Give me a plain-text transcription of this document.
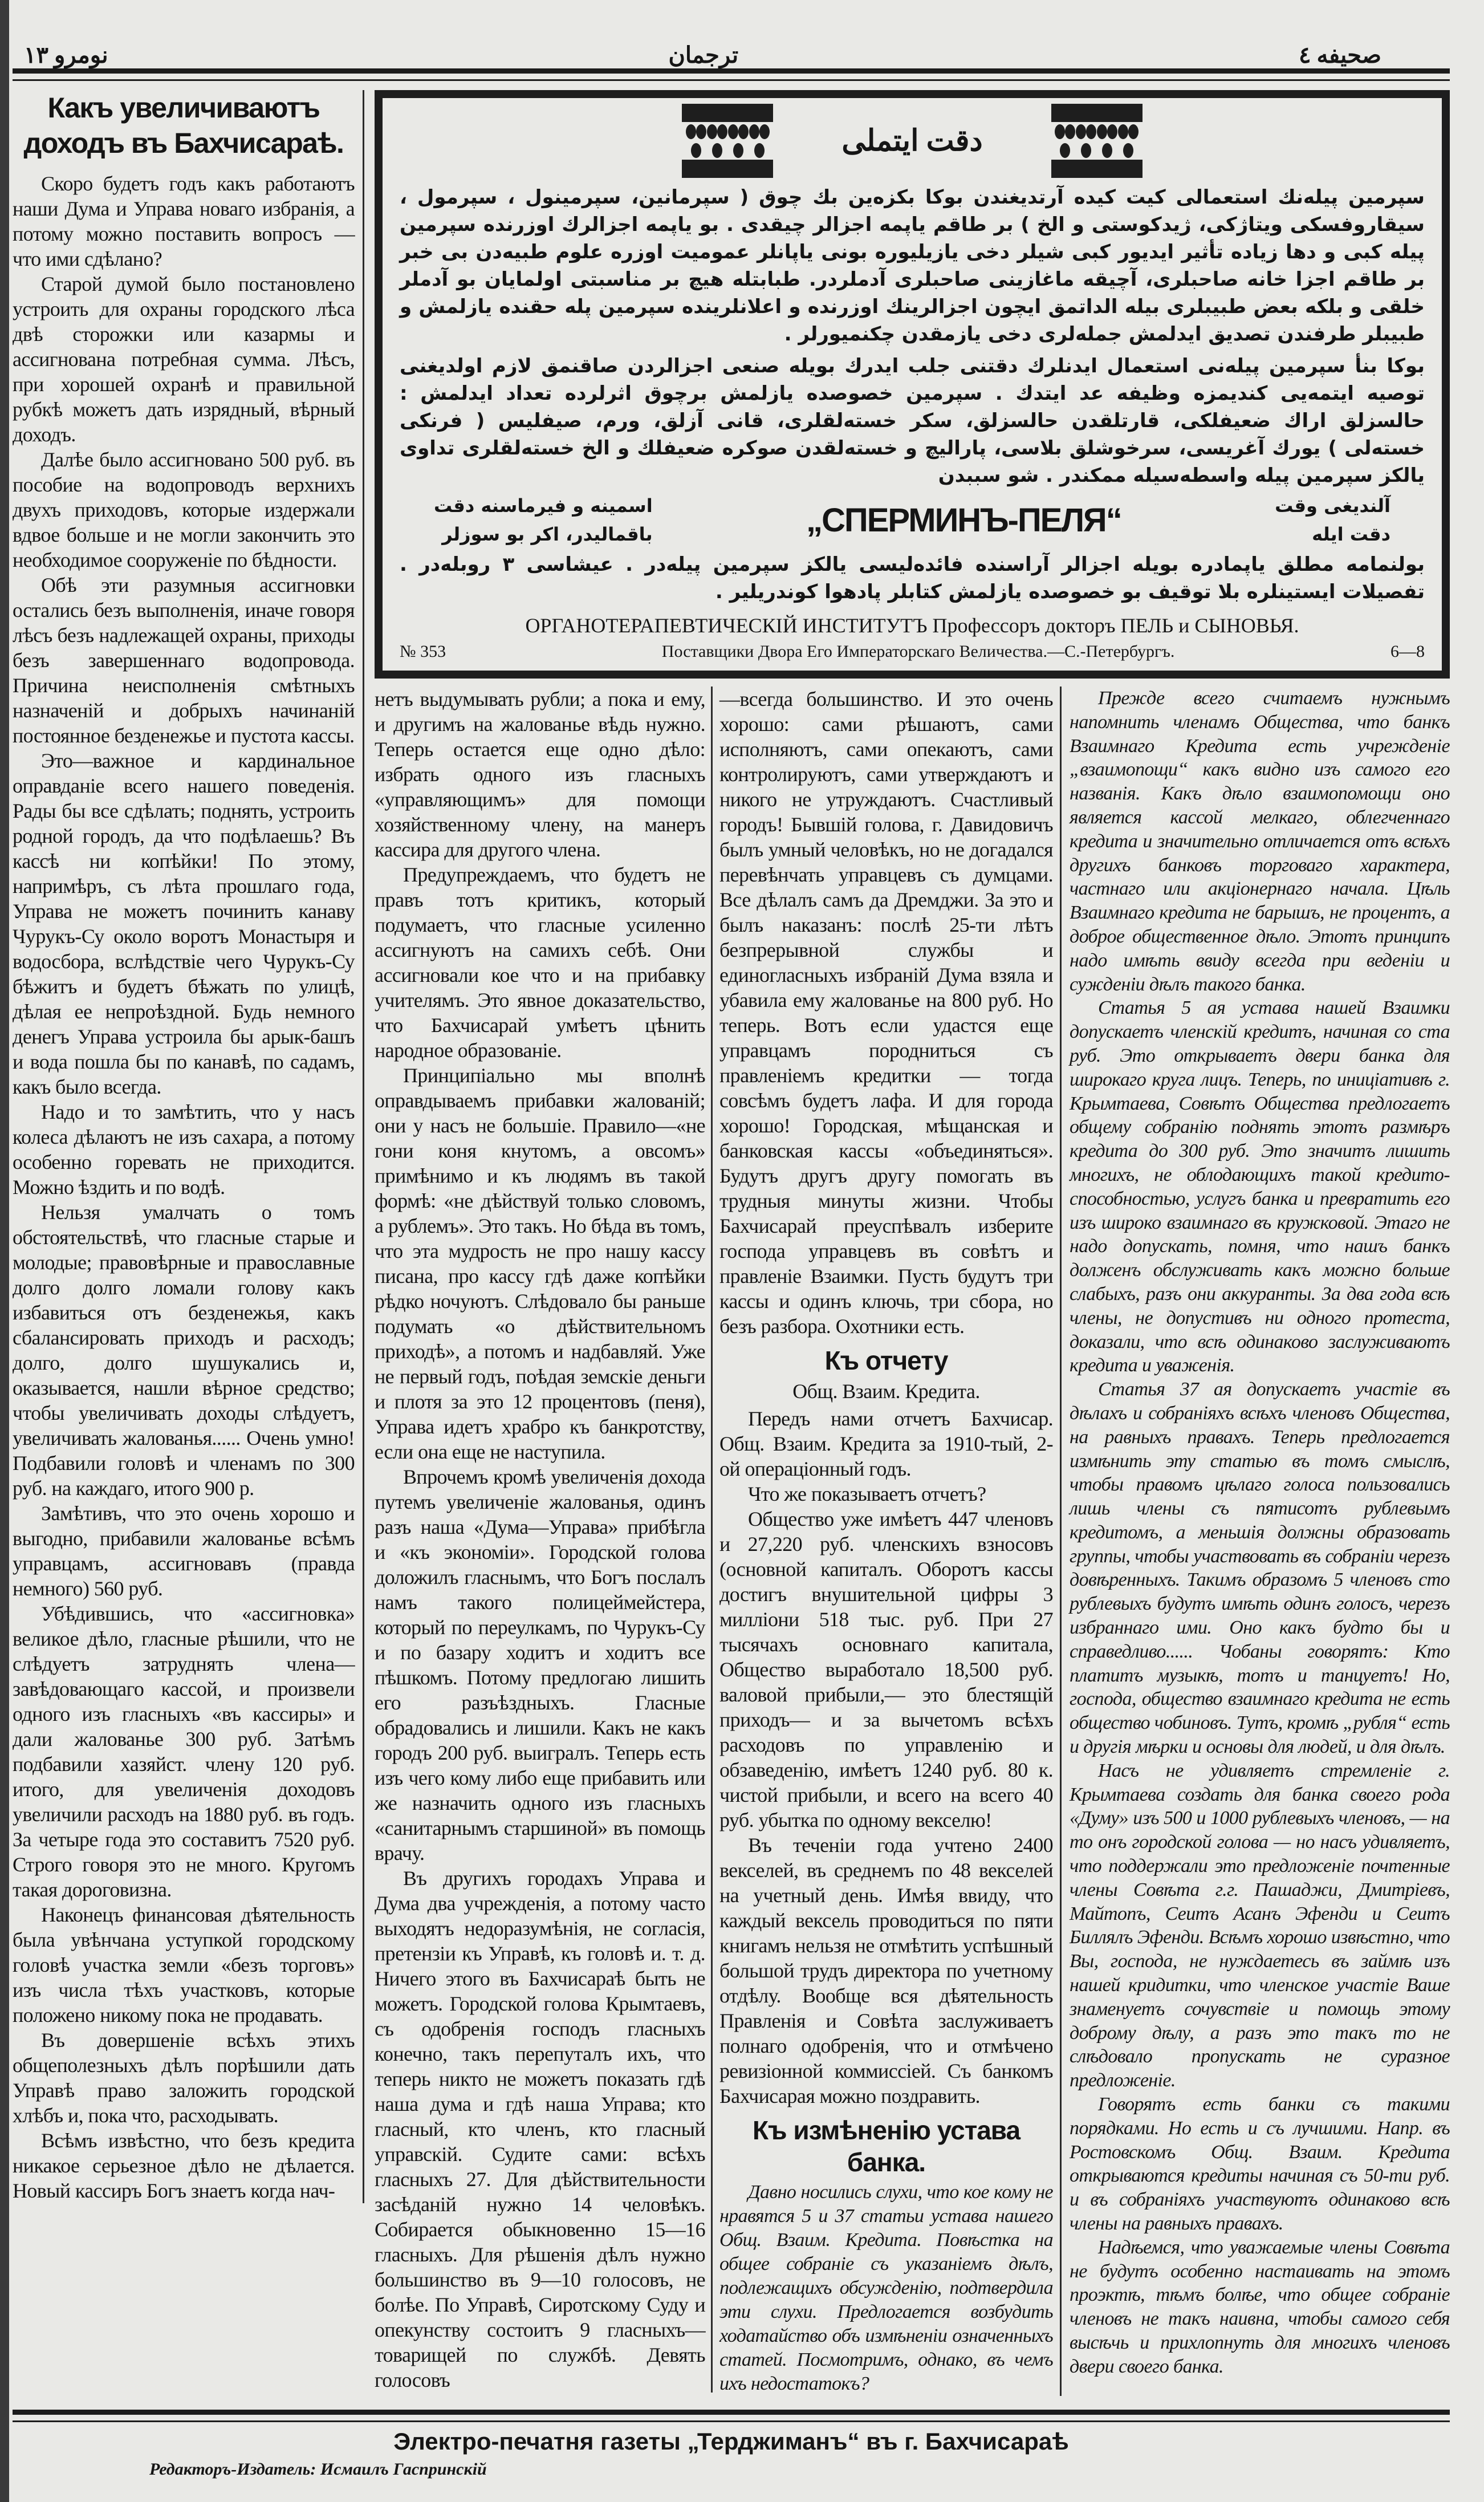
نومرو ١٣	ترجمان	صحیفه ٤
Какъ увеличиваютъ доходъ въ Бахчисараѣ.

Скоро будетъ годъ какъ работаютъ наши Дума и Управа новаго избранія, а потому можно поставить вопросъ — что ими сдѣлано?

Старой думой было постановлено устроить для охраны городского лѣса двѣ сторожки или казармы и ассигнована потребная сумма. Лѣсъ, при хорошей охранѣ и правильной рубкѣ можетъ дать изрядный, вѣрный доходъ.

Далѣе было ассигновано 500 руб. въ пособие на водопроводъ верхнихъ двухъ приходовъ, которые издержали вдвое больше и не могли закончить это необходимое сооруженіе по бѣдности.

Обѣ эти разумныя ассигновки остались безъ выполненія, иначе говоря лѣсъ безъ надлежащей охраны, приходы безъ завершеннаго водопровода. Причина неисполненія смѣтныхъ назначеній и добрыхъ начинаній постоянное безденежье и пустота кассы.

Это—важное и кардинальное оправданіе всего нашего поведенія. Рады бы все сдѣлать; поднять, устроить родной городъ, да что подѣлаешь? Въ кассѣ ни копѣйки! По этому, напримѣръ, съ лѣта прошлаго года, Управа не можетъ починить канаву Чурукъ-Су около воротъ Монастыря и водосбора, вслѣдствіе чего Чурукъ-Су бѣжитъ и будетъ бѣжать по улицѣ, дѣлая ее непроѣздной. Будь немного денегъ Управа устроила бы арык-башъ и вода пошла бы по канавѣ, по садамъ, какъ было всегда.

Надо и то замѣтить, что у насъ колеса дѣлаютъ не изъ сахара, а потому особенно горевать не приходится. Можно ѣздить и по водѣ.

Нельзя умалчать о томъ обстоятельствѣ, что гласные старые и молодые; правовѣрные и православные долго долго ломали голову какъ избавиться отъ безденежья, какъ сбалансировать приходъ и расходъ; долго, долго шушукались и, оказывается, нашли вѣрное средство; чтобы увеличивать доходы слѣдуетъ, увеличивать жалованья...... Очень умно! Подбавили головѣ и членамъ по 300 руб. на каждаго, итого 900 р.

Замѣтивъ, что это очень хорошо и выгодно, прибавили жалованье всѣмъ управцамъ, ассигновавъ (правда немного) 560 руб.

Убѣдившись, что «ассигновка» великое дѣло, гласные рѣшили, что не слѣдуетъ затруднять члена—завѣдовающаго кассой, и произвели одного изъ гласныхъ «въ кассиры» и дали жалованье 300 руб. Затѣмъ подбавили хазяйст. члену 120 руб. итого, для увеличенія доходовъ увеличили расходъ на 1880 руб. въ годъ. За четыре года это составитъ 7520 руб. Строго говоря это не много. Кругомъ такая дороговизна.

Наконецъ финансовая дѣятельность была увѣнчана уступкой городскому головѣ участка земли «безъ торговъ» изъ числа тѣхъ участковъ, которые положено никому пока не продавать.

Въ довершеніе всѣхъ этихъ общеполезныхъ дѣлъ порѣшили дать Управѣ право заложить городской хлѣбъ и, пока что, расходывать.

Всѣмъ извѣстно, что безъ кредита никакое серьезное дѣло не дѣлается. Новый кассиръ Богъ знаетъ когда нач-

دقت ایتملی
سپرمین پیله‌نك استعمالی کیت کیده آرتدیغندن بوکا بکزه‌ین بك چوق ( سپرمانین، سپرمینول ، سپرمول ، سیقاروفسکی ویتاژکی، ژیدکوستی و الخ ) بر طاقم یاپمه اجزالر چیقدی . بو یاپمه اجزالرك اوزرنده سپرمین پیله کبی و دها زیاده تأثیر ایدیور کبی شیلر دخی یازیلیوره بونی یاپانلر عمومیت اوزره علوم طبیه‌دن بی خبر بر طاقم اجزا خانه صاحبلری، آچیقه ماغازینی صاحبلری آدملردر. طبابتله هیچ بر مناسبتی اولمایان بو آدملر خلقی و بلکه بعض طبیبلری بیله الداتمق ایچون اجزالرینك اوزرنده و اعلانلرینده سپرمین پله حقنده یازلمش و طبیبلر طرفندن تصدیق ایدلمش جمله‌لری دخی یازمقدن چکنمیورلر .
بوکا بنأ سپرمین پیله‌نی استعمال ایدنلرك دقتنی جلب ایدرك بویله صنعی اجزالردن صاقنمق لازم اولدیغنی توصیه ایتمه‌یی کندیمزه وظیفه عد ایتدك . سپرمین خصوصده یازلمش برچوق اثرلرده تعداد ایدلمش : حالسزلق اراك ضعیفلکی، قارتلقدن حالسزلق، سکر خسته‌لقلری، قانی آزلق، ورم، صیفلیس ( فرنکی خسته‌لی ) یورك آغریسی، سرخوشلق بلاسی، پارالیچ و خسته‌لقدن صوکره ضعیفلك و الخ خسته‌لقلری تداوی یالکز سپرمین پیله واسطه‌سیله ممکندر . شو سببدن
اسمینه و فیرماسنه دقت
باقمالیدر، اکر بو سوزلر	„СПЕРМИНЪ-ПЕЛЯ“	آلندیغی وقت
دقت ایله
بولنمامه مطلق یاپمادره بویله اجزالر آراسنده فائده‌لیسی یالکز سپرمین پیله‌در . عیشاسی ۳ روبله‌در . تفصیلات ایستینلره بلا توقیف بو خصوصده یازلمش کتابلر پادهوا کوندریلیر .
ОРГАНОТЕРАПЕВТИЧЕСКІЙ ИНСТИТУТЪ Профессоръ докторъ ПЕЛЬ и СЫНОВЬЯ.
№ 353	Поставщики Двора Его Императорскаго Величества.—С.-Петербургъ.	6—8

нетъ выдумывать рубли; а пока и ему, и другимъ на жалованье вѣдь нужно. Теперь остается еще одно дѣло: избрать одного изъ гласныхъ «управляющимъ» для помощи хозяйственному члену, на манеръ кассира для другого члена.

Предупреждаемъ, что будетъ не правъ тотъ критикъ, который подумаетъ, что гласные усиленно ассигнуютъ на самихъ себѣ. Они ассигновали кое что и на прибавку учителямъ. Это явное доказательство, что Бахчисарай умѣетъ цѣнить народное образованіе.

Принципіально мы вполнѣ оправдываемъ прибавки жалованій; они у насъ не большіе. Правило—«не гони коня кнутомъ, а овсомъ» примѣнимо и къ людямъ въ такой формѣ: «не дѣйствуй только словомъ, а рублемъ». Это такъ. Но бѣда въ томъ, что эта мудрость не про нашу кассу писана, про кассу гдѣ даже копѣйки рѣдко ночуютъ. Слѣдовало бы раньше подумать «о дѣйствительномъ приходѣ», а потомъ и надбавляй. Уже не первый годъ, поѣдая земскіе деньги и плотя за это 12 процентовъ (пеня), Управа идетъ храбро къ банкротству, если она еще не наступила.

Впрочемъ кромѣ увеличенія дохода путемъ увеличеніе жалованья, одинъ разъ наша «Дума—Управа» прибѣгла и «къ экономіи». Городской голова доложилъ гласнымъ, что Богъ послалъ намъ такого полицеймейстера, который по переулкамъ, по Чурукъ-Су и по базару ходитъ и ходитъ все пѣшкомъ. Потому предлогаю лишить его разъѣздныхъ. Гласные обрадовались и лишили. Какъ не какъ городъ 200 руб. выигралъ. Теперь есть изъ чего кому либо еще прибавить или же назначить одного изъ гласныхъ «санитарнымъ старшиной» въ помощь врачу.

Въ другихъ городахъ Управа и Дума два учрежденія, а потому часто выходятъ недоразумѣнія, не согласія, претензіи къ Управѣ, къ головѣ и. т. д. Ничего этого въ Бахчисараѣ быть не можетъ. Городской голова Крымтаевъ, съ одобренія господъ гласныхъ конечно, такъ перепуталъ ихъ, что теперь никто не можетъ показать гдѣ наша дума и гдѣ наша Управа; кто гласный, кто членъ, кто гласный управскій. Судите сами: всѣхъ гласныхъ 27. Для дѣйствительности засѣданій нужно 14 человѣкъ. Собирается обыкновенно 15—16 гласныхъ. Для рѣшенія дѣлъ нужно большинство въ 9—10 голосовъ, не болѣе. По Управѣ, Сиротскому Суду и опекунству состоитъ 9 гласныхъ—товарищей по службѣ. Девять голосовъ

—всегда большинство. И это очень хорошо: сами рѣшаютъ, сами исполняютъ, сами опекаютъ, сами контролируютъ, сами утверждаютъ и никого не утруждаютъ. Счастливый городъ! Бывшій голова, г. Давидовичъ былъ умный человѣкъ, но не догадался перевѣнчать управцевъ съ думцами. Все дѣлалъ самъ да Дремджи. За это и былъ наказанъ: послѣ 25-ти лѣтъ безпрерывной службы и единогласныхъ избраній Дума взяла и убавила ему жалованье на 800 руб. Но теперь. Вотъ если удастся еще управцамъ породниться съ правленіемъ кредитки — тогда совсѣмъ будетъ лафа. И для города хорошо! Городская, мѣщанская и банковская кассы «объединяться». Будутъ другъ другу помогать въ трудныя минуты жизни. Чтобы Бахчисарай преуспѣвалъ изберите господа управцевъ въ совѣтъ и правленіе Взаимки. Пусть будутъ три кассы и одинъ ключь, три сбора, но безъ разбора. Охотники есть.

Къ отчету
Общ. Взаим. Кредита.

Передъ нами отчетъ Бахчисар. Общ. Взаим. Кредита за 1910-тый, 2-ой операціонный годъ.

Что же показываетъ отчетъ?

Общество уже имѣетъ 447 членовъ и 27,220 руб. членскихъ взносовъ (основной капиталъ. Оборотъ кассы достигъ внушительной цифры 3 милліони 518 тыс. руб. При 27 тысячахъ основнаго капитала, Общество выработало 18,500 руб. валовой прибыли,— это блестящій приходъ— и за вычетомъ всѣхъ расходовъ по управленію и обзаведенію, имѣетъ 1240 руб. 80 к. чистой прибыли, и всего на всего 40 руб. убытка по одному векселю!

Въ теченіи года учтено 2400 векселей, въ среднемъ по 48 векселей на учетный день. Имѣя ввиду, что каждый вексель проводиться по пяти книгамъ нельзя не отмѣтить успѣшный большой трудъ директора по учетному отдѣлу. Вообще вся дѣятельность Правленія и Совѣта заслуживаетъ полнаго одобренія, что и отмѣчено ревизіонной коммиссіей. Съ банкомъ Бахчисарая можно поздравить.

Къ измѣненію устава банка.

Давно носились слухи, что кое кому не нравятся 5 и 37 статьи устава нашего Общ. Взаим. Кредита. Повѣстка на общее собраніе съ указаніемъ дѣлъ, подлежащихъ обсужденію, подтвердила эти слухи. Предлогается возбудить ходатайство объ измѣненіи означенныхъ статей. Посмотримъ, однако, въ чемъ ихъ недостатокъ?

Прежде всего считаемъ нужнымъ напомнить членамъ Общества, что банкъ Взаимнаго Кредита есть учрежденіе „взаимопощи“ какъ видно изъ самого его названія. Какъ дѣло взаимопомощи оно является кассой мелкаго, облегченнаго кредита и значительно отличается отъ всѣхъ другихъ банковъ торговаго характера, частнаго или акціонернаго начала. Цѣль Взаимнаго кредита не барышъ, не процентъ, а доброе общественное дѣло. Этотъ принципъ надо имѣть ввиду всегда при веденіи и сужденіи дѣлъ такого банка.

Статья 5 ая устава нашей Взаимки допускаетъ членскій кредитъ, начиная со ста руб. Это открываетъ двери банка для широкаго круга лицъ. Теперь, по иниціативѣ г. Крымтаева, Совѣтъ Общества предлогаетъ общему собранію поднять этотъ размѣръ кредита до 300 руб. Это значитъ лишить многихъ, не облодающихъ такой кредито-способностью, услугъ банка и превратить его изъ широко взаимнаго въ кружковой. Этаго не надо допускать, помня, что нашъ банкъ долженъ обслуживать какъ можно больше слабыхъ, разъ они аккуранты. За два года всѣ члены, не допустивъ ни одного протеста, доказали, что всѣ одинаково заслуживаютъ кредита и уваженія.

Статья 37 ая допускаетъ участіе въ дѣлахъ и собраніяхъ всѣхъ членовъ Общества, на равныхъ правахъ. Теперь предлогается измѣнить эту статью въ томъ смыслѣ, чтобы правомъ цѣлаго голоса пользовались лишь члены съ пятисотъ рублевымъ кредитомъ, а меньшія должны образовать группы, чтобы участвовать въ собраніи черезъ довѣренныхъ. Такимъ образомъ 5 членовъ сто рублевыхъ будутъ имѣть одинъ голосъ, черезъ избраннаго ими. Оно какъ будто бы и справедливо...... Чобаны говорятъ: Кто платитъ музыкѣ, тотъ и танцуетъ! Но, господа, общество взаимнаго кредита не есть общество чобиновъ. Тутъ, кромѣ „рубля“ есть и другія мѣрки и основы для людей, и для дѣлъ.

Насъ не удивляетъ стремленіе г. Крымтаева создать для банка своего рода «Думу» изъ 500 и 1000 рублевыхъ членовъ, — на то онъ городской голова — но насъ удивляетъ, что поддержали это предложеніе почтенные члены Совѣта г.г. Пашаджи, Дмитріевъ, Майтопъ, Сеитъ Асанъ Эфенди и Сеитъ Биллялъ Эфенди. Всѣмъ хорошо извѣстно, что Вы, господа, не нуждаетесь въ займѣ изъ нашей кридитки, что членское участіе Ваше знаменуетъ сочувствіе и помощь этому доброму дѣлу, а разъ это такъ то не слѣдовало пропускать не суразное предложеніе.

Говорятъ есть банки съ такими порядками. Но есть и съ лучшими. Напр. въ Ростовскомъ Общ. Взаим. Кредита открываются кредиты начиная съ 50-ти руб. и въ собраніяхъ участвуютъ одинаково всѣ члены на равныхъ правахъ.

Надѣемся, что уважаемые члены Совѣта не будутъ особенно настаивать на этомъ проэктѣ, тѣмъ болѣе, что общее собраніе членовъ не такъ наивна, чтобы самого себя высѣчь и прихлопнуть для многихъ членовъ двери своего банка.

Электро-печатня газеты „Терджиманъ“ въ г. Бахчисараѣ
Редакторъ-Издатель: Исмаилъ Гаспринскій
